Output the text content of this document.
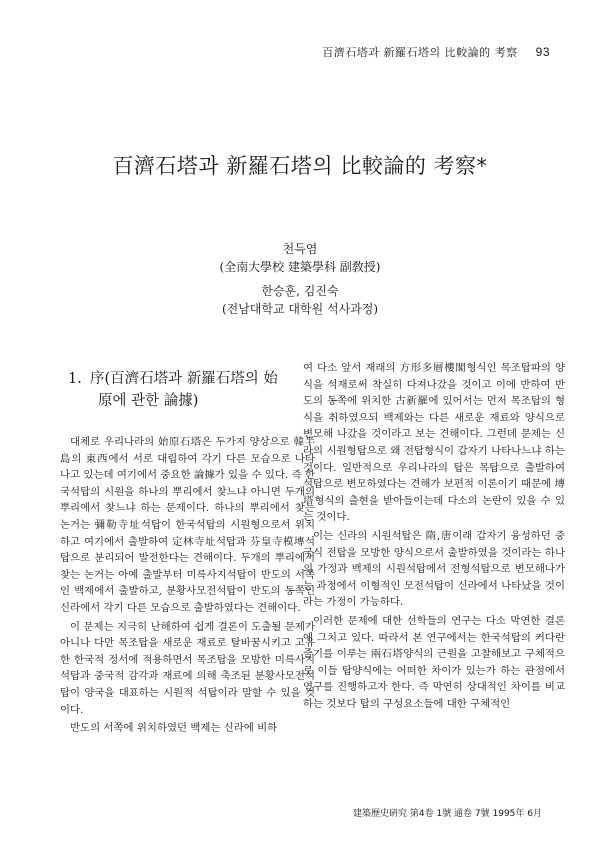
百濟石塔과 新羅石塔의 比較論的 考察 93
百濟石塔과 新羅石塔의 比較論的 考察*
천득염
(全南大學校 建築學科 副敎授)
한승훈, 김진숙
(전남대학교 대학원 석사과정)
1. 序(百濟石塔과 新羅石塔의 始
原에 관한 論據)

대체로 우리나라의 始原石塔은 두가지 양상으로 韓半島의 東西에서 서로 대립하여 각기 다른 모습으로 나타나고 있는데 여기에서 중요한 論據가 있을 수 있다. 즉 한국석탑의 시원을 하나의 뿌리에서 찾느냐 아니면 두개의 뿌리에서 찾느냐 하는 문제이다. 하나의 뿌리에서 찾는 논거는 彌勒寺址석탑이 한국석탑의 시원형으로서 위치하고 여기에서 출발하여 定林寺址석탑과 芬皇寺模塼석탑으로 분리되어 발전한다는 견해이다. 두개의 뿌리에서 찾는 논거는 아예 출발부터 미륵사지석탑이 반도의 서쪽인 백제에서 출발하고, 분황사모전석탑이 반도의 동쪽인 신라에서 각기 다른 모습으로 출발하였다는 견해이다.

이 문제는 지극히 난해하여 쉽게 결론이 도출될 문제가 아니나 다만 목조탑을 새로운 재료로 탈바꿈시키고 고유한 한국적 정서에 적용하면서 목조탑을 모방한 미륵사지석탑과 중국적 감각과 재료에 의해 축조된 분황사모전석탑이 양국을 대표하는 시원적 석탑이라 말할 수 있을 것이다.

반도의 서쪽에 위치하였던 백제는 신라에 비하

여 다소 앞서 재래의 方形多層樓閣형식인 목조탑파의 양식을 석재로써 착실히 다져나갔을 것이고 이에 반하여 반도의 동쪽에 위치한 古新羅에 있어서는 먼저 목조탑의 형식을 취하였으되 백제와는 다른 새로운 재료와 양식으로 변모해 나갔을 것이라고 보는 견해이다. 그런데 문제는 신라의 시원형탑으로 왜 전탑형식이 갑자기 나타나느냐 하는 것이다. 일반적으로 우리나라의 탑은 목탑으로 출발하여 석탑으로 변모하였다는 견해가 보편적 이론이기 때문에 塼塔형식의 출현을 받아들이는데 다소의 논란이 있을 수 있는 것이다.

이는 신라의 시원석탑은 隋,唐이래 갑자기 융성하던 중국식 전탑을 모방한 양식으로서 출발하였을 것이라는 하나의 가정과 백제의 시원석탑에서 전형석탑으로 변모해나가는 과정에서 이형적인 모전석탑이 신라에서 나타났을 것이라는 가정이 가능하다.

이러한 문제에 대한 선학들의 연구는 다소 막연한 결론에 그치고 있다. 따라서 본 연구에서는 한국석탑의 커다란 줄기를 이루는 兩石塔양식의 근원을 고찰해보고 구체적으로 이들 탑양식에는 어떠한 차이가 있는가 하는 관점에서 연구를 진행하고자 한다. 즉 막연히 상대적인 차이를 비교하는 것보다 탑의 구성요소들에 대한 구체적인

建築歷史硏究 第4卷 1號 通卷 7號 1995年 6月
